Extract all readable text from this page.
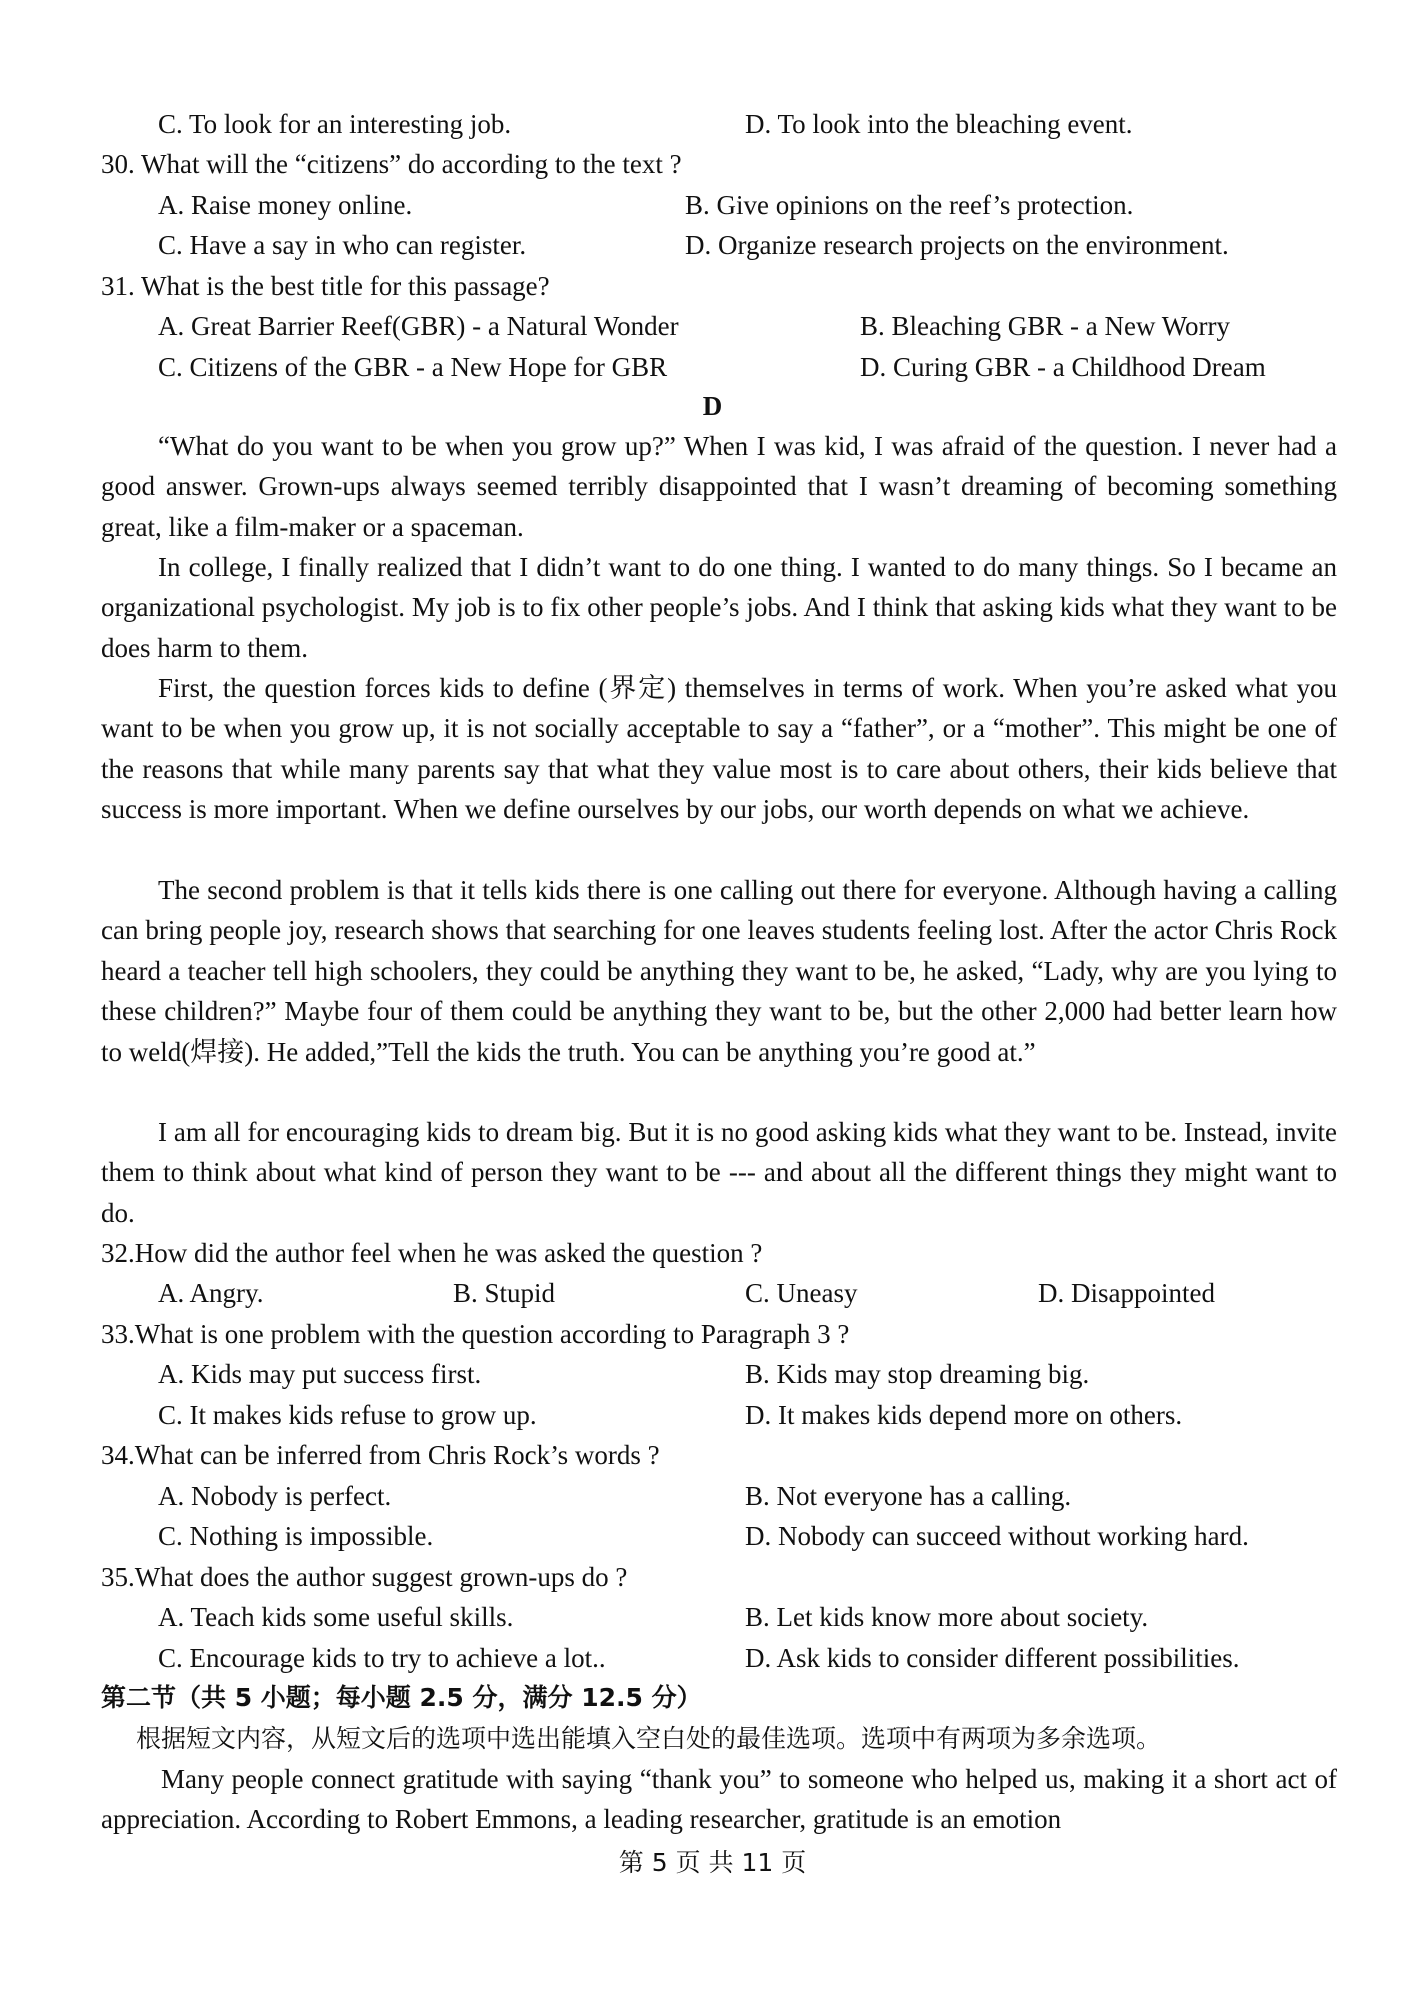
C. To look for an interesting job.	D. To look into the bleaching event.
30. What will the “citizens” do according to the text ?
A. Raise money online.	B. Give opinions on the reef’s protection.
C. Have a say in who can register.	D. Organize research projects on the environment.
31. What is the best title for this passage?
A. Great Barrier Reef(GBR) - a Natural Wonder	B. Bleaching GBR - a New Worry
C. Citizens of the GBR - a New Hope for GBR	D. Curing GBR - a Childhood Dream
D

“What do you want to be when you grow up?” When I was kid, I was afraid of the question. I never had a good answer. Grown-ups always seemed terribly disappointed that I wasn’t dreaming of becoming something great, like a film-maker or a spaceman.

In college, I finally realized that I didn’t want to do one thing. I wanted to do many things. So I became an organizational psychologist. My job is to fix other people’s jobs. And I think that asking kids what they want to be does harm to them.

First, the question forces kids to define (界定) themselves in terms of work. When you’re asked what you want to be when you grow up, it is not socially acceptable to say a “father”, or a “mother”. This might be one of the reasons that while many parents say that what they value most is to care about others, their kids believe that success is more important. When we define ourselves by our jobs, our worth depends on what we achieve.

The second problem is that it tells kids there is one calling out there for everyone. Although having a calling can bring people joy, research shows that searching for one leaves students feeling lost. After the actor Chris Rock heard a teacher tell high schoolers, they could be anything they want to be, he asked, “Lady, why are you lying to these children?” Maybe four of them could be anything they want to be, but the other 2,000 had better learn how to weld(焊接). He added,”Tell the kids the truth. You can be anything you’re good at.”

I am all for encouraging kids to dream big. But it is no good asking kids what they want to be. Instead, invite them to think about what kind of person they want to be --- and about all the different things they might want to do.

32.How did the author feel when he was asked the question ?
A. Angry.	B. Stupid	C. Uneasy	D. Disappointed
33.What is one problem with the question according to Paragraph 3 ?
A. Kids may put success first.	B. Kids may stop dreaming big.
C. It makes kids refuse to grow up.	D. It makes kids depend more on others.
34.What can be inferred from Chris Rock’s words ?
A. Nobody is perfect.	B. Not everyone has a calling.
C. Nothing is impossible.	D. Nobody can succeed without working hard.
35.What does the author suggest grown-ups do ?
A. Teach kids some useful skills.	B. Let kids know more about society.
C. Encourage kids to try to achieve a lot..	D. Ask kids to consider different possibilities.
第二节（共 5 小题；每小题 2.5 分，满分 12.5 分）
根据短文内容，从短文后的选项中选出能填入空白处的最佳选项。选项中有两项为多余选项。

Many people connect gratitude with saying “thank you” to someone who helped us, making it a short act of appreciation. According to Robert Emmons, a leading researcher, gratitude is an emotion

第 5 页 共 11 页
